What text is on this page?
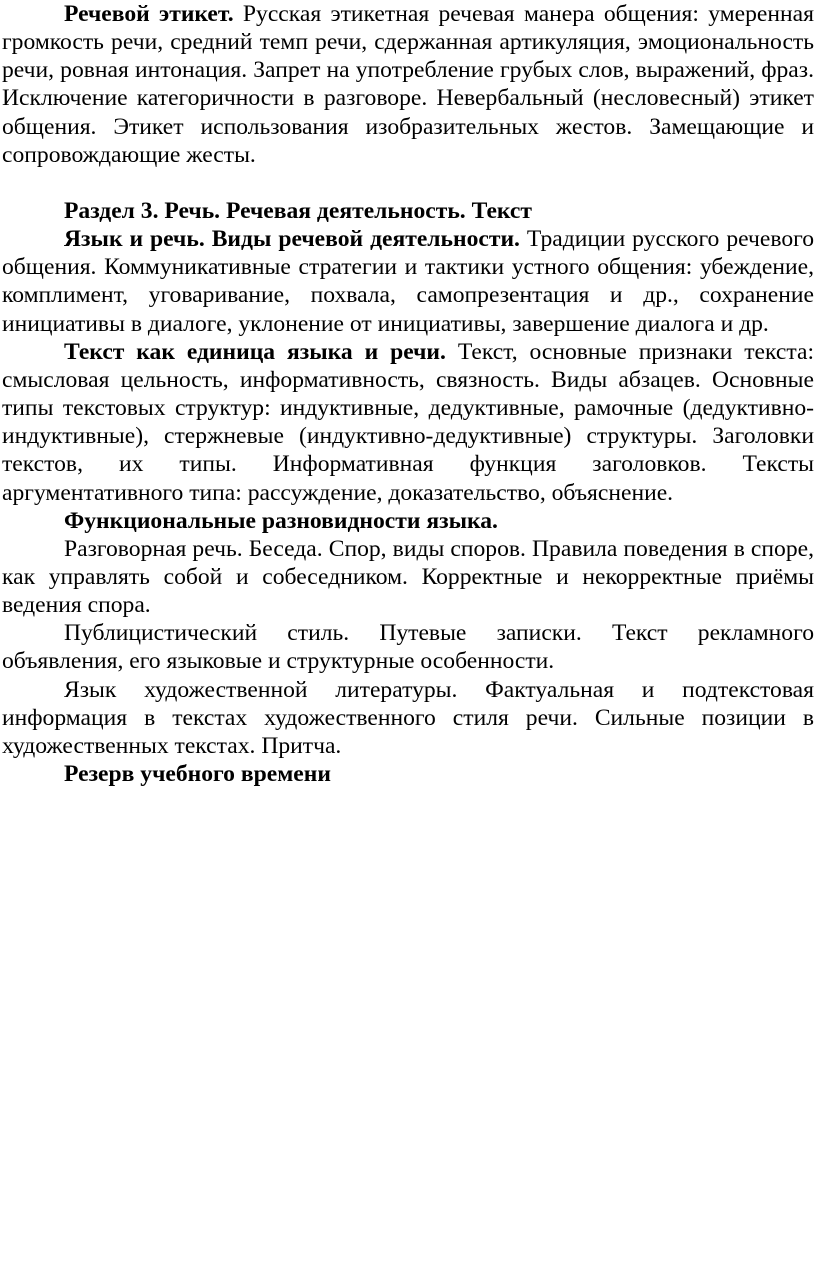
Речевой этикет. Русская этикетная речевая манера общения: умеренная громкость речи, средний темп речи, сдержанная артикуляция, эмоциональность речи, ровная интонация. Запрет на употребление грубых слов, выражений, фраз. Исключение категоричности в разговоре. Невербальный (несловесный) этикет общения. Этикет использования изобразительных жестов. Замещающие и сопровождающие жесты.

Раздел 3. Речь. Речевая деятельность. Текст

Язык и речь. Виды речевой деятельности. Традиции русского речевого общения. Коммуникативные стратегии и тактики устного общения: убеждение, комплимент, уговаривание, похвала, самопрезентация и др., сохранение инициативы в диалоге, уклонение от инициативы, завершение диалога и др.

Текст как единица языка и речи. Текст, основные признаки текста: смысловая цельность, информативность, связность. Виды абзацев. Основные типы текстовых структур: индуктивные, дедуктивные, рамочные (дедуктивно-индуктивные), стержневые (индуктивно-дедуктивные) структуры. Заголовки текстов, их типы. Информативная функция заголовков. Тексты аргументативного типа: рассуждение, доказательство, объяснение.

Функциональные разновидности языка.

Разговорная речь. Беседа. Спор, виды споров. Правила поведения в споре, как управлять собой и собеседником. Корректные и некорректные приёмы ведения спора.

Публицистический стиль. Путевые записки. Текст рекламного объявления, его языковые и структурные особенности.

Язык художественной литературы. Фактуальная и подтекстовая информация в текстах художественного стиля речи. Сильные позиции в художественных текстах. Притча.

Резерв учебного времени
